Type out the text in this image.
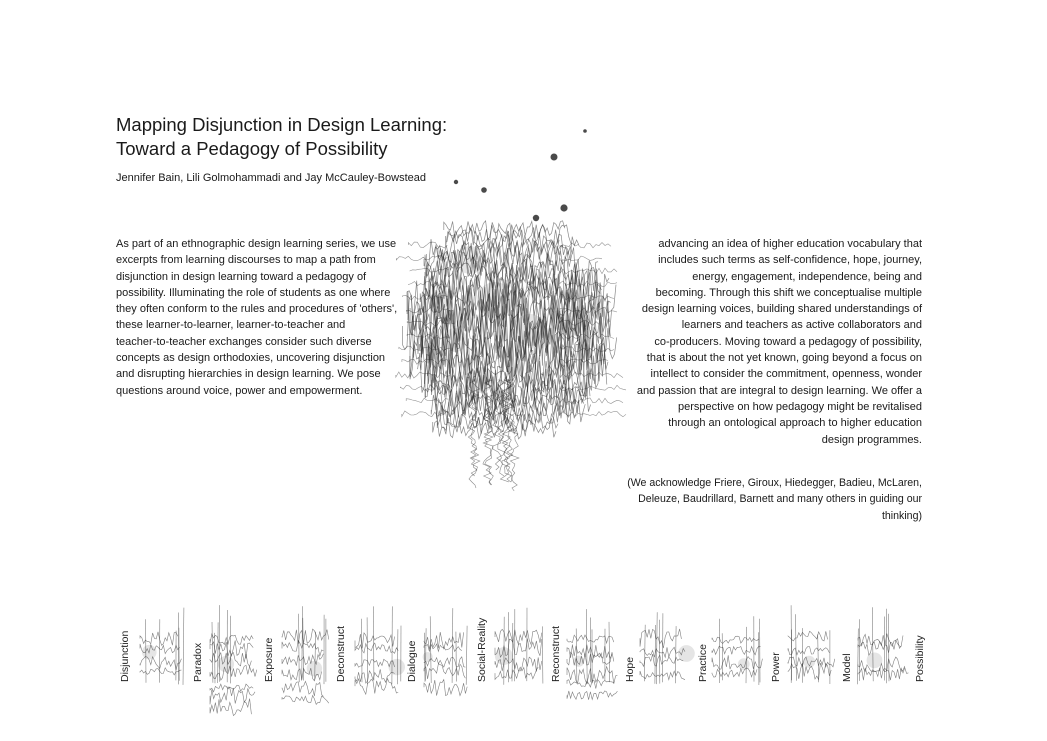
Mapping Disjunction in Design Learning:
Toward a Pedagogy of Possibility
Jennifer Bain, Lili Golmohammadi and Jay McCauley-Bowstead
As part of an ethnographic design learning series, we use
excerpts from learning discourses to map a path from
disjunction in design learning toward a pedagogy of
possibility. Illuminating the role of students as one where
they often conform to the rules and procedures of 'others',
these learner-to-learner, learner-to-teacher and
teacher-to-teacher exchanges consider such diverse
concepts as design orthodoxies, uncovering disjunction
and disrupting hierarchies in design learning. We pose
questions around voice, power and empowerment.
advancing an idea of higher education vocabulary that
includes such terms as self-confidence, hope, journey,
energy, engagement, independence, being and
becoming. Through this shift we conceptualise multiple
design learning voices, building shared understandings of
learners and teachers as active collaborators and
co-producers. Moving toward a pedagogy of possibility,
that is about the not yet known, going beyond a focus on
intellect to consider the commitment, openness, wonder
and passion that are integral to design learning. We offer a
perspective on how pedagogy might be revitalised
through an ontological approach to higher education
design programmes.
(We acknowledge Friere, Giroux, Hiedegger, Badieu, McLaren,
Deleuze, Baudrillard, Barnett and many others in guiding our
thinking)
Disjunction	Paradox	Exposure	Deconstruct	Dialogue	Social-Reality	Reconstruct	Hope	Practice	Power	Model	Possibility
